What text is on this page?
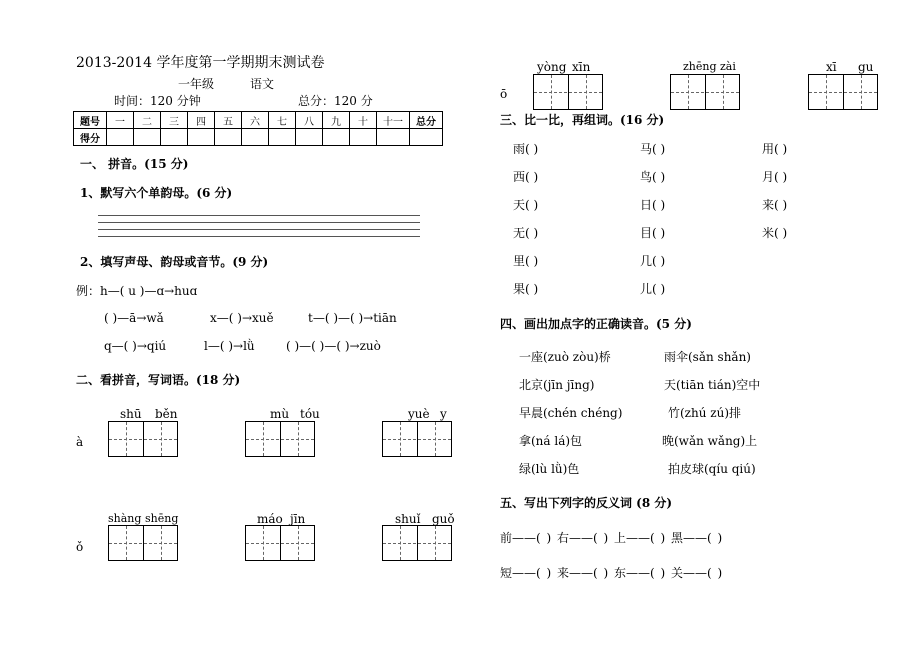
2013-2014 学年度第一学期期末测试卷
一年级	语文
时间：120 分钟	总分：120 分
题号	一	二	三	四	五	六	七	八	九	十	十一	总分
得分												
一、 拼音。(15 分)
1、默写六个单韵母。(6 分)
2、填写声母、韵母或音节。(9 分)
例：h—( u )—ɑ→huɑ
( )—ā→wǎ	x—( )→xuě	t—( )—( )→tiān
q—( )→qiú	l—( )→lǜ	( )—( )—( )→zuò
二、看拼音，写词语。(18 分)
à
ǒ
shū běn	mù tóu	yuè y
shàng shēng	máo jīn	shuǐ guǒ
ō
yòng xīn	zhēng zài	xī gu
三、比一比，再组词。(16 分)
雨( )	马( )	用( )
西( )	鸟( )	月( )
天( )	日( )	来( )
无( )	目( )	米( )
里( )	几( )
果( )	儿( )
四、画出加点字的正确读音。(5 分)
一座(zuò zòu)桥	雨伞(sǎn shǎn)
北京(jīn jīng)	天(tiān tián)空中
早晨(chén chéng)	竹(zhú zú)排
拿(ná lá)包	晚(wǎn wǎng)上
绿(lù lǜ)色	拍皮球(qíu qiú)
五、写出下列字的反义词 (8 分)
前——( ) 右——( ) 上——( ) 黑——( )
短——( ) 来——( ) 东——( ) 关——( )
